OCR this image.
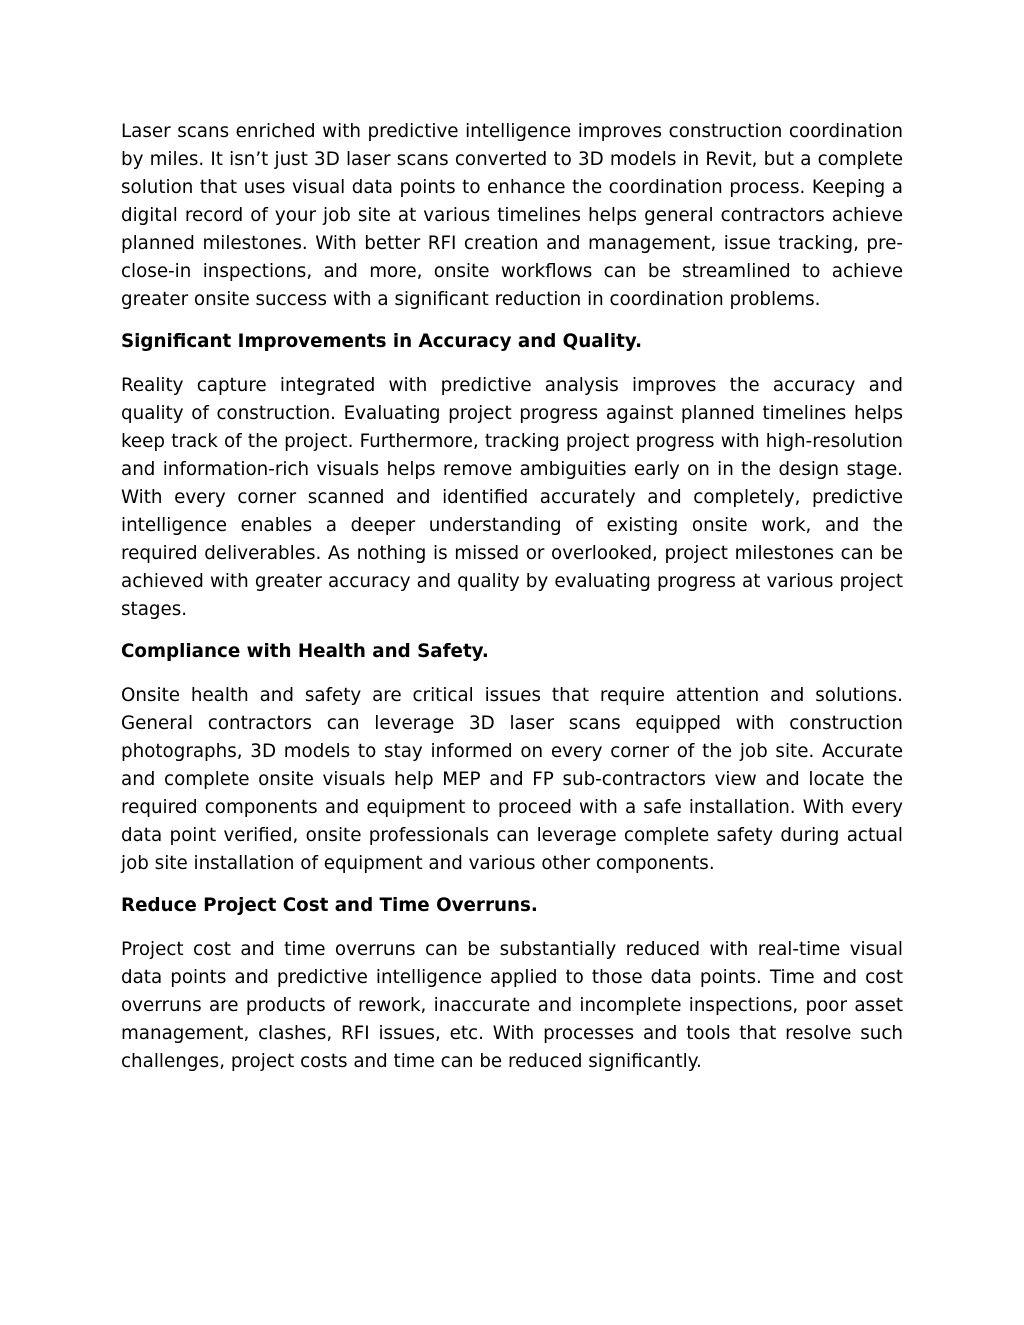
Laser scans enriched with predictive intelligence improves construction coordination by miles. It isn’t just 3D laser scans converted to 3D models in Revit, but a complete solution that uses visual data points to enhance the coordination process. Keeping a digital record of your job site at various timelines helps general contractors achieve planned milestones. With better RFI creation and management, issue tracking, pre-close-in inspections, and more, onsite workflows can be streamlined to achieve greater onsite success with a significant reduction in coordination problems.

Significant Improvements in Accuracy and Quality.

Reality capture integrated with predictive analysis improves the accuracy and quality of construction. Evaluating project progress against planned timelines helps keep track of the project. Furthermore, tracking project progress with high-resolution and information-rich visuals helps remove ambiguities early on in the design stage. With every corner scanned and identified accurately and completely, predictive intelligence enables a deeper understanding of existing onsite work, and the required deliverables. As nothing is missed or overlooked, project milestones can be achieved with greater accuracy and quality by evaluating progress at various project stages.

Compliance with Health and Safety.

Onsite health and safety are critical issues that require attention and solutions. General contractors can leverage 3D laser scans equipped with construction photographs, 3D models to stay informed on every corner of the job site. Accurate and complete onsite visuals help MEP and FP sub-contractors view and locate the required components and equipment to proceed with a safe installation. With every data point verified, onsite professionals can leverage complete safety during actual job site installation of equipment and various other components.

Reduce Project Cost and Time Overruns.

Project cost and time overruns can be substantially reduced with real-time visual data points and predictive intelligence applied to those data points. Time and cost overruns are products of rework, inaccurate and incomplete inspections, poor asset management, clashes, RFI issues, etc. With processes and tools that resolve such challenges, project costs and time can be reduced significantly.
